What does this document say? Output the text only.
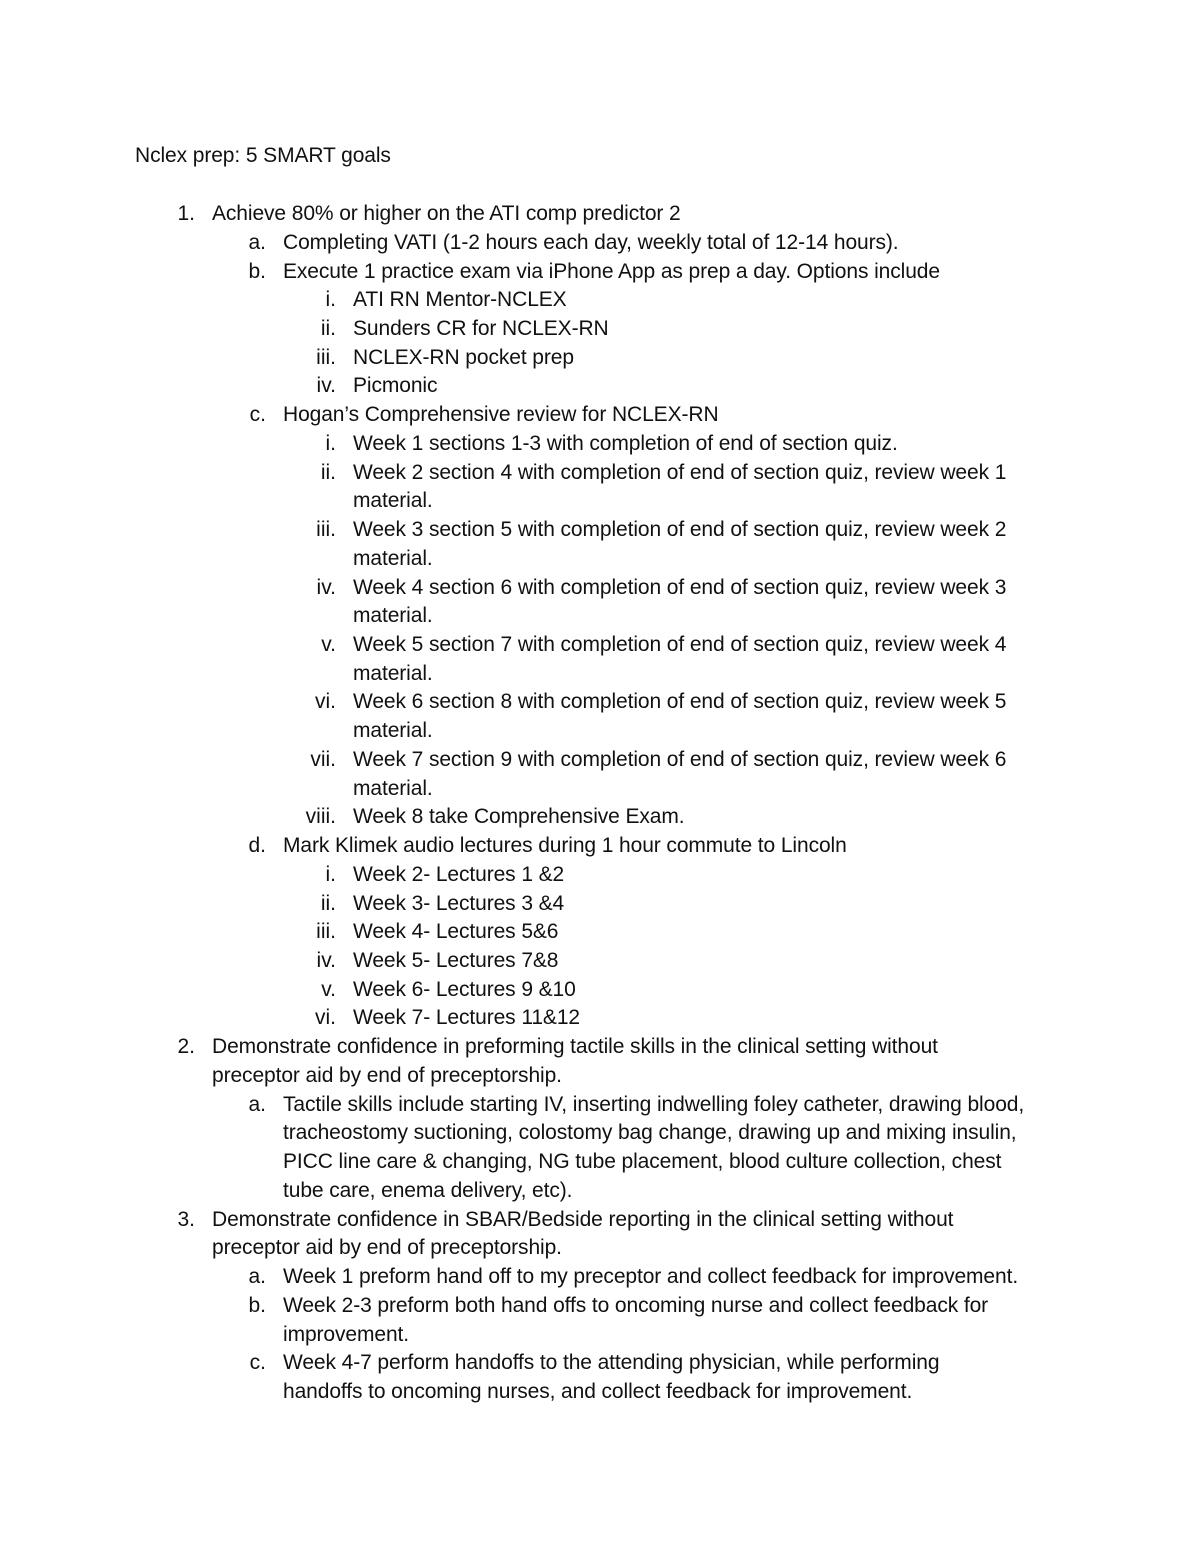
Nclex prep: 5 SMART goals
1. Achieve 80% or higher on the ATI comp predictor 2
a. Completing VATI (1-2 hours each day, weekly total of 12-14 hours).
b. Execute 1 practice exam via iPhone App as prep a day. Options include
i. ATI RN Mentor-NCLEX
ii. Sunders CR for NCLEX-RN
iii. NCLEX-RN pocket prep
iv. Picmonic
c. Hogan’s Comprehensive review for NCLEX-RN
i. Week 1 sections 1-3 with completion of end of section quiz.
ii. Week 2 section 4 with completion of end of section quiz, review week 1
material.
iii. Week 3 section 5 with completion of end of section quiz, review week 2
material.
iv. Week 4 section 6 with completion of end of section quiz, review week 3
material.
v. Week 5 section 7 with completion of end of section quiz, review week 4
material.
vi. Week 6 section 8 with completion of end of section quiz, review week 5
material.
vii. Week 7 section 9 with completion of end of section quiz, review week 6
material.
viii. Week 8 take Comprehensive Exam.
d. Mark Klimek audio lectures during 1 hour commute to Lincoln
i. Week 2- Lectures 1 &2
ii. Week 3- Lectures 3 &4
iii. Week 4- Lectures 5&6
iv. Week 5- Lectures 7&8
v. Week 6- Lectures 9 &10
vi. Week 7- Lectures 11&12
2. Demonstrate confidence in preforming tactile skills in the clinical setting without
preceptor aid by end of preceptorship.
a. Tactile skills include starting IV, inserting indwelling foley catheter, drawing blood,
tracheostomy suctioning, colostomy bag change, drawing up and mixing insulin,
PICC line care & changing, NG tube placement, blood culture collection, chest
tube care, enema delivery, etc).
3. Demonstrate confidence in SBAR/Bedside reporting in the clinical setting without
preceptor aid by end of preceptorship.
a. Week 1 preform hand off to my preceptor and collect feedback for improvement.
b. Week 2-3 preform both hand offs to oncoming nurse and collect feedback for
improvement.
c. Week 4-7 perform handoffs to the attending physician, while performing
handoffs to oncoming nurses, and collect feedback for improvement.
